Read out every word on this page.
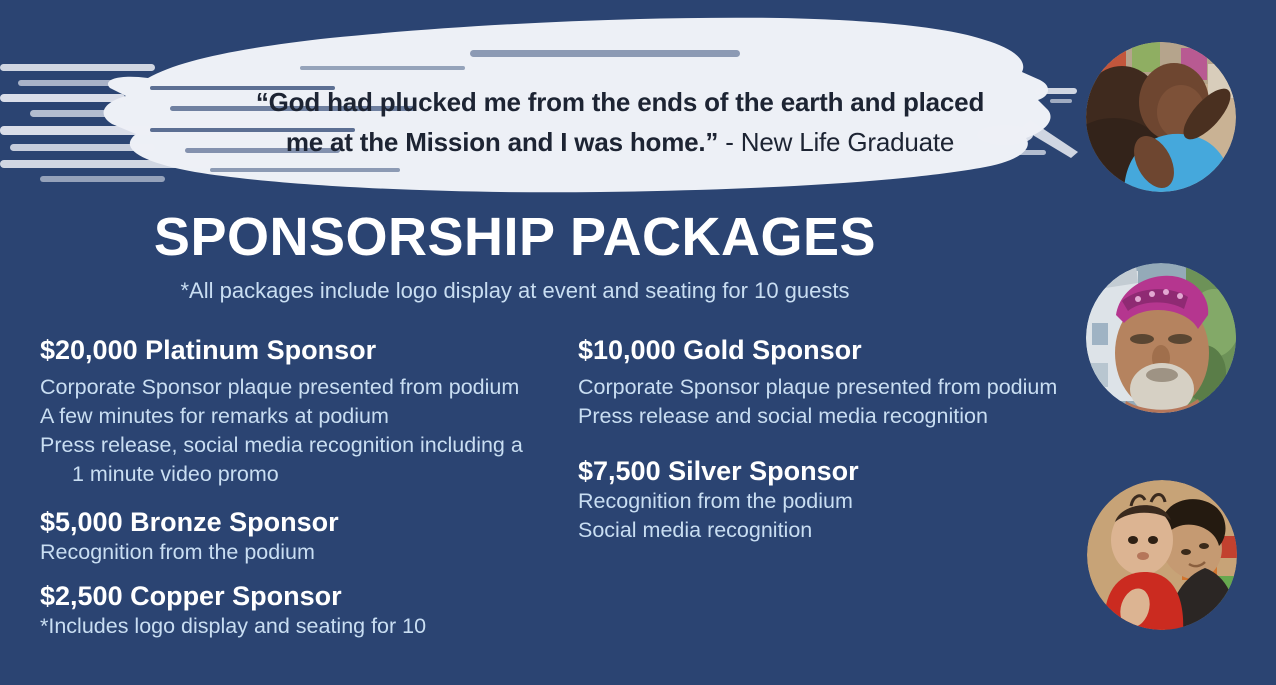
“God had plucked me from the ends of the earth and placed
me at the Mission and I was home.” - New Life Graduate
SPONSORSHIP PACKAGES
*All packages include logo display at event and seating for 10 guests
$20,000 Platinum Sponsor
Corporate Sponsor plaque presented from podium
A few minutes for remarks at podium
Press release, social media recognition including a
1 minute video promo
$5,000 Bronze Sponsor
Recognition from the podium
$2,500 Copper Sponsor
*Includes logo display and seating for 10
$10,000 Gold Sponsor
Corporate Sponsor plaque presented from podium
Press release and social media recognition
$7,500 Silver Sponsor
Recognition from the podium
Social media recognition
